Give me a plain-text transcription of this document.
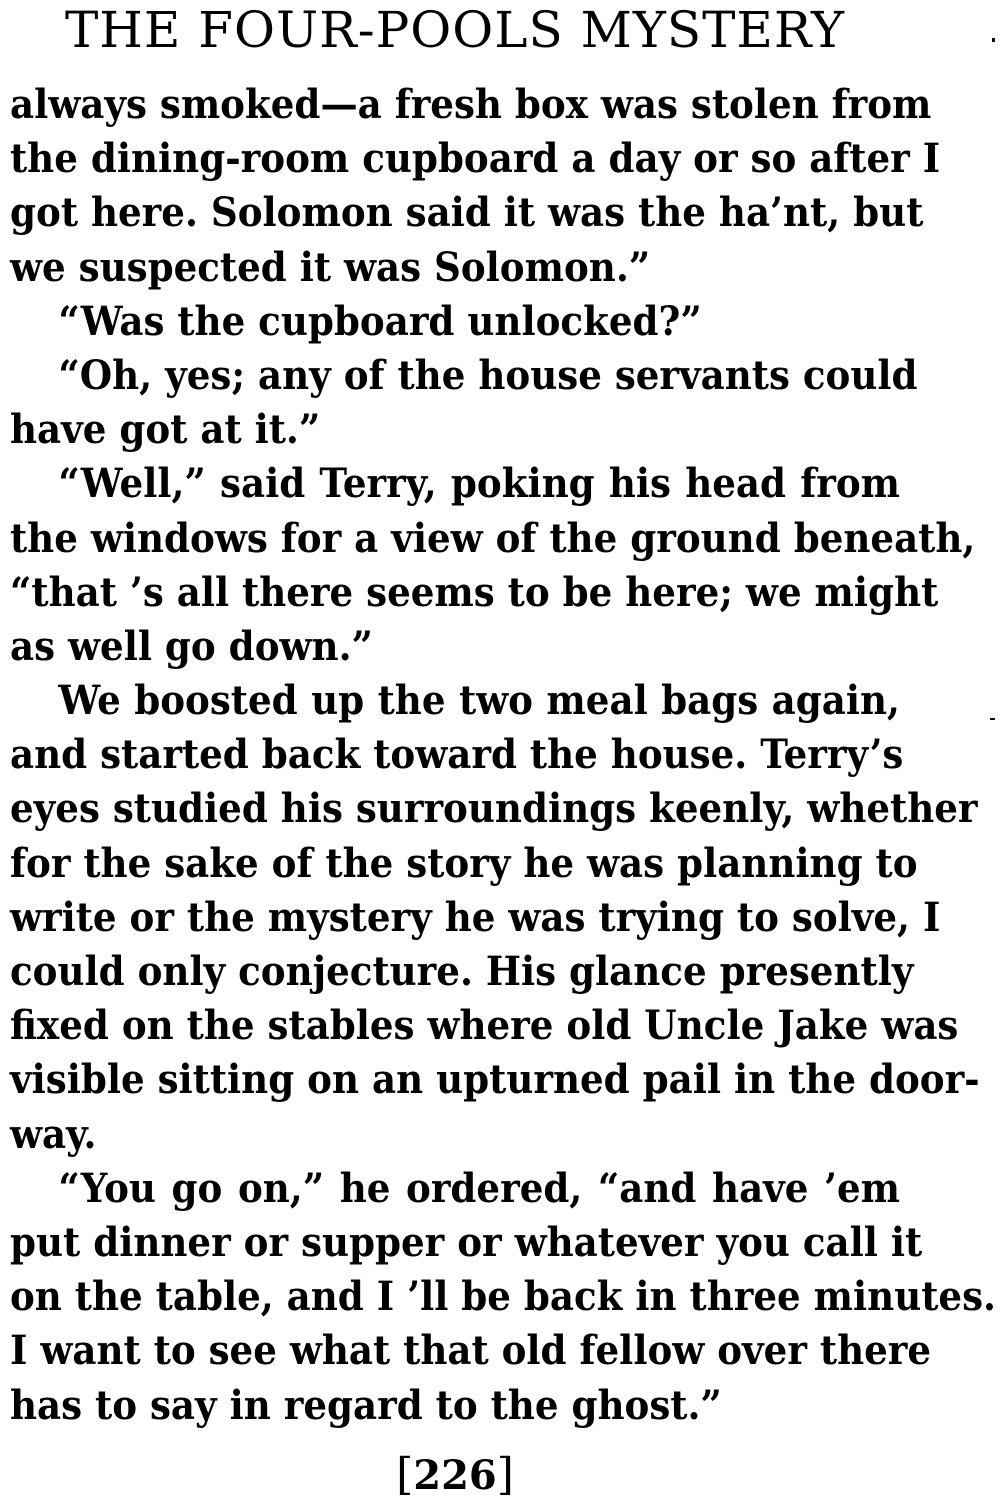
THE FOUR-POOLS MYSTERY
always smoked—a fresh box was stolen from
the dining-room cupboard a day or so after I
got here. Solomon said it was the ha’nt, but
we suspected it was Solomon.”
“Was the cupboard unlocked?”
“Oh, yes; any of the house servants could
have got at it.”
“Well,” said Terry, poking his head from
the windows for a view of the ground beneath,
“that ’s all there seems to be here; we might
as well go down.”
We boosted up the two meal bags again,
and started back toward the house. Terry’s
eyes studied his surroundings keenly, whether
for the sake of the story he was planning to
write or the mystery he was trying to solve, I
could only conjecture. His glance presently
fixed on the stables where old Uncle Jake was
visible sitting on an upturned pail in the door-
way.
“You go on,” he ordered, “and have ’em
put dinner or supper or whatever you call it
on the table, and I ’ll be back in three minutes.
I want to see what that old fellow over there
has to say in regard to the ghost.”
[226]
